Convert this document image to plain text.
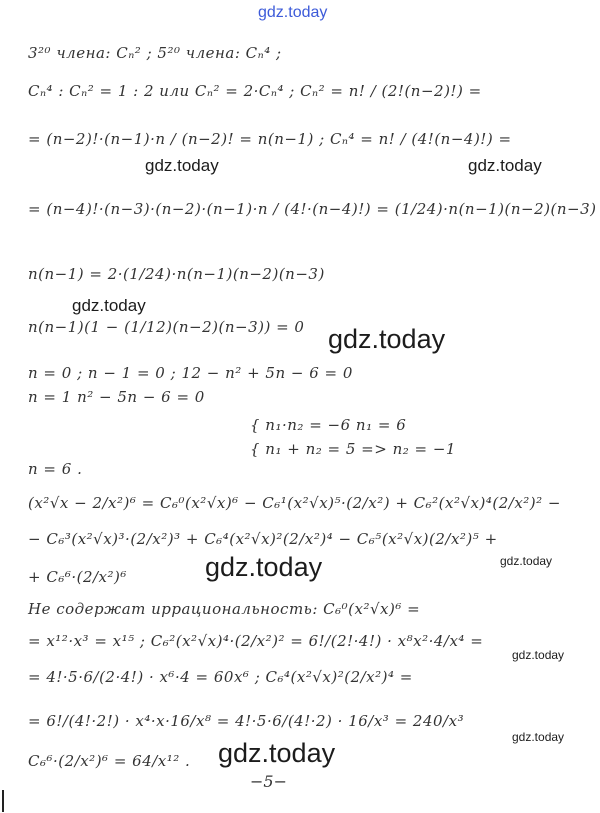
gdz.today
3²⁰ члена: Cₙ² ; 5²⁰ члена: Cₙ⁴ ;
Cₙ⁴ : Cₙ² = 1 : 2 или Cₙ² = 2·Cₙ⁴ ; Cₙ² = n! / (2!(n−2)!) =
= (n−2)!·(n−1)·n / (n−2)! = n(n−1) ; Cₙ⁴ = n! / (4!(n−4)!) =
= (n−4)!·(n−3)·(n−2)·(n−1)·n / (4!·(n−4)!) = (1/24)·n(n−1)(n−2)(n−3)
n(n−1) = 2·(1/24)·n(n−1)(n−2)(n−3)
n(n−1)(1 − (1/12)(n−2)(n−3)) = 0
n = 0 ; n − 1 = 0 ; 12 − n² + 5n − 6 = 0
n = 1 n² − 5n − 6 = 0
{ n₁·n₂ = −6 n₁ = 6
{ n₁ + n₂ = 5 => n₂ = −1
n = 6 .
(x²√x − 2/x²)⁶ = C₆⁰(x²√x)⁶ − C₆¹(x²√x)⁵·(2/x²) + C₆²(x²√x)⁴(2/x²)² −
− C₆³(x²√x)³·(2/x²)³ + C₆⁴(x²√x)²(2/x²)⁴ − C₆⁵(x²√x)(2/x²)⁵ +
+ C₆⁶·(2/x²)⁶
Не содержат иррациональность: C₆⁰(x²√x)⁶ =
= x¹²·x³ = x¹⁵ ; C₆²(x²√x)⁴·(2/x²)² = 6!/(2!·4!) · x⁸x²·4/x⁴ =
= 4!·5·6/(2·4!) · x⁶·4 = 60x⁶ ; C₆⁴(x²√x)²(2/x²)⁴ =
= 6!/(4!·2!) · x⁴·x·16/x⁸ = 4!·5·6/(4!·2) · 16/x³ = 240/x³
C₆⁶·(2/x²)⁶ = 64/x¹² .
gdz.today	gdz.today
gdz.today
gdz.today
gdz.today
gdz.today
gdz.today
gdz.today
gdz.today
−5−
